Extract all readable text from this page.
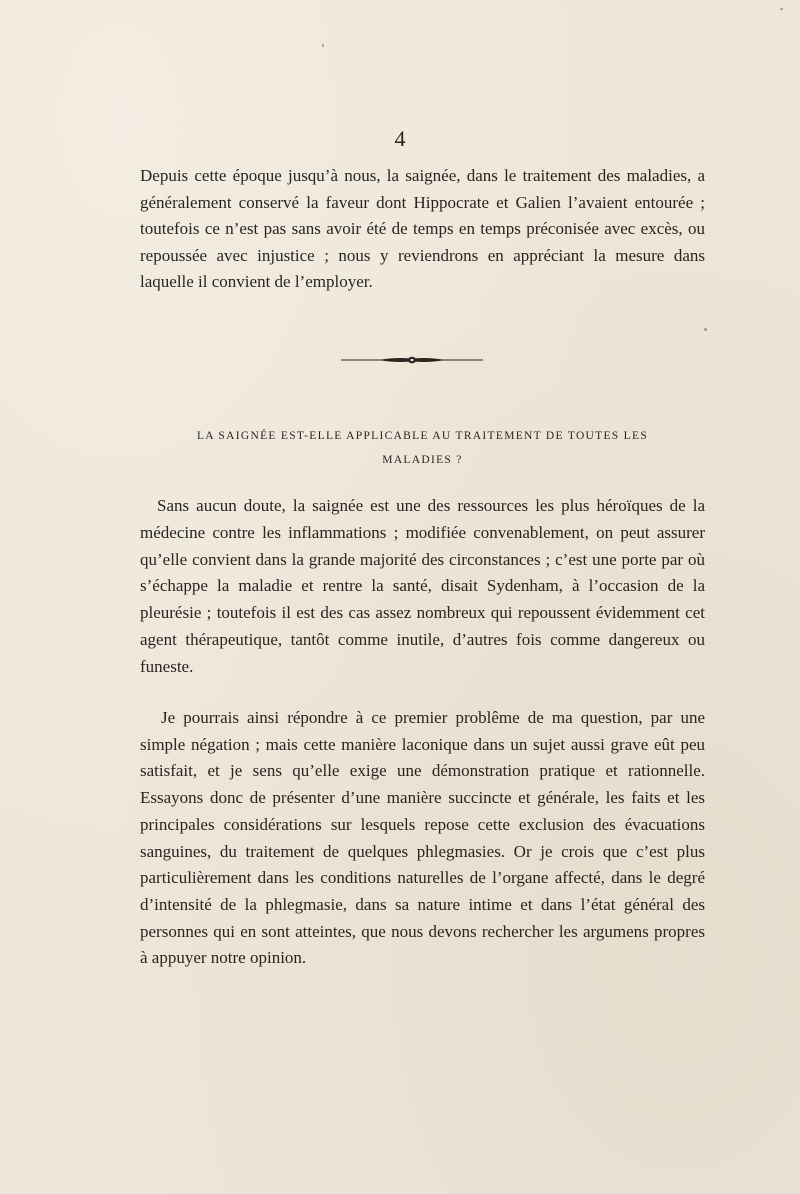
4

Depuis cette époque jusqu’à nous, la saignée, dans le traitement des maladies, a généralement conservé la faveur dont Hippocrate et Galien l’avaient entourée ; toutefois ce n’est pas sans avoir été de temps en temps préconisée avec excès, ou repoussée avec injustice ; nous y reviendrons en appréciant la mesure dans laquelle il convient de l’employer.

LA SAIGNÉE EST-ELLE APPLICABLE AU TRAITEMENT DE TOUTES LES
MALADIES ?

Sans aucun doute, la saignée est une des ressources les plus héroïques de la médecine contre les inflammations ; modifiée convenablement, on peut assurer qu’elle convient dans la grande majorité des circonstances ; c’est une porte par où s’échappe la maladie et rentre la santé, disait Sydenham, à l’occasion de la pleurésie ; toutefois il est des cas assez nombreux qui repoussent évidemment cet agent thérapeutique, tantôt comme inutile, d’autres fois comme dangereux ou funeste.

Je pourrais ainsi répondre à ce premier problême de ma question, par une simple négation ; mais cette manière laconique dans un sujet aussi grave eût peu satisfait, et je sens qu’elle exige une démonstration pratique et rationnelle. Essayons donc de présenter d’une manière succincte et générale, les faits et les principales considérations sur lesquels repose cette exclusion des évacuations sanguines, du traitement de quelques phlegmasies. Or je crois que c’est plus particulièrement dans les conditions naturelles de l’organe affecté, dans le degré d’intensité de la phlegmasie, dans sa nature intime et dans l’état général des personnes qui en sont atteintes, que nous devons rechercher les argumens propres à appuyer notre opinion.
